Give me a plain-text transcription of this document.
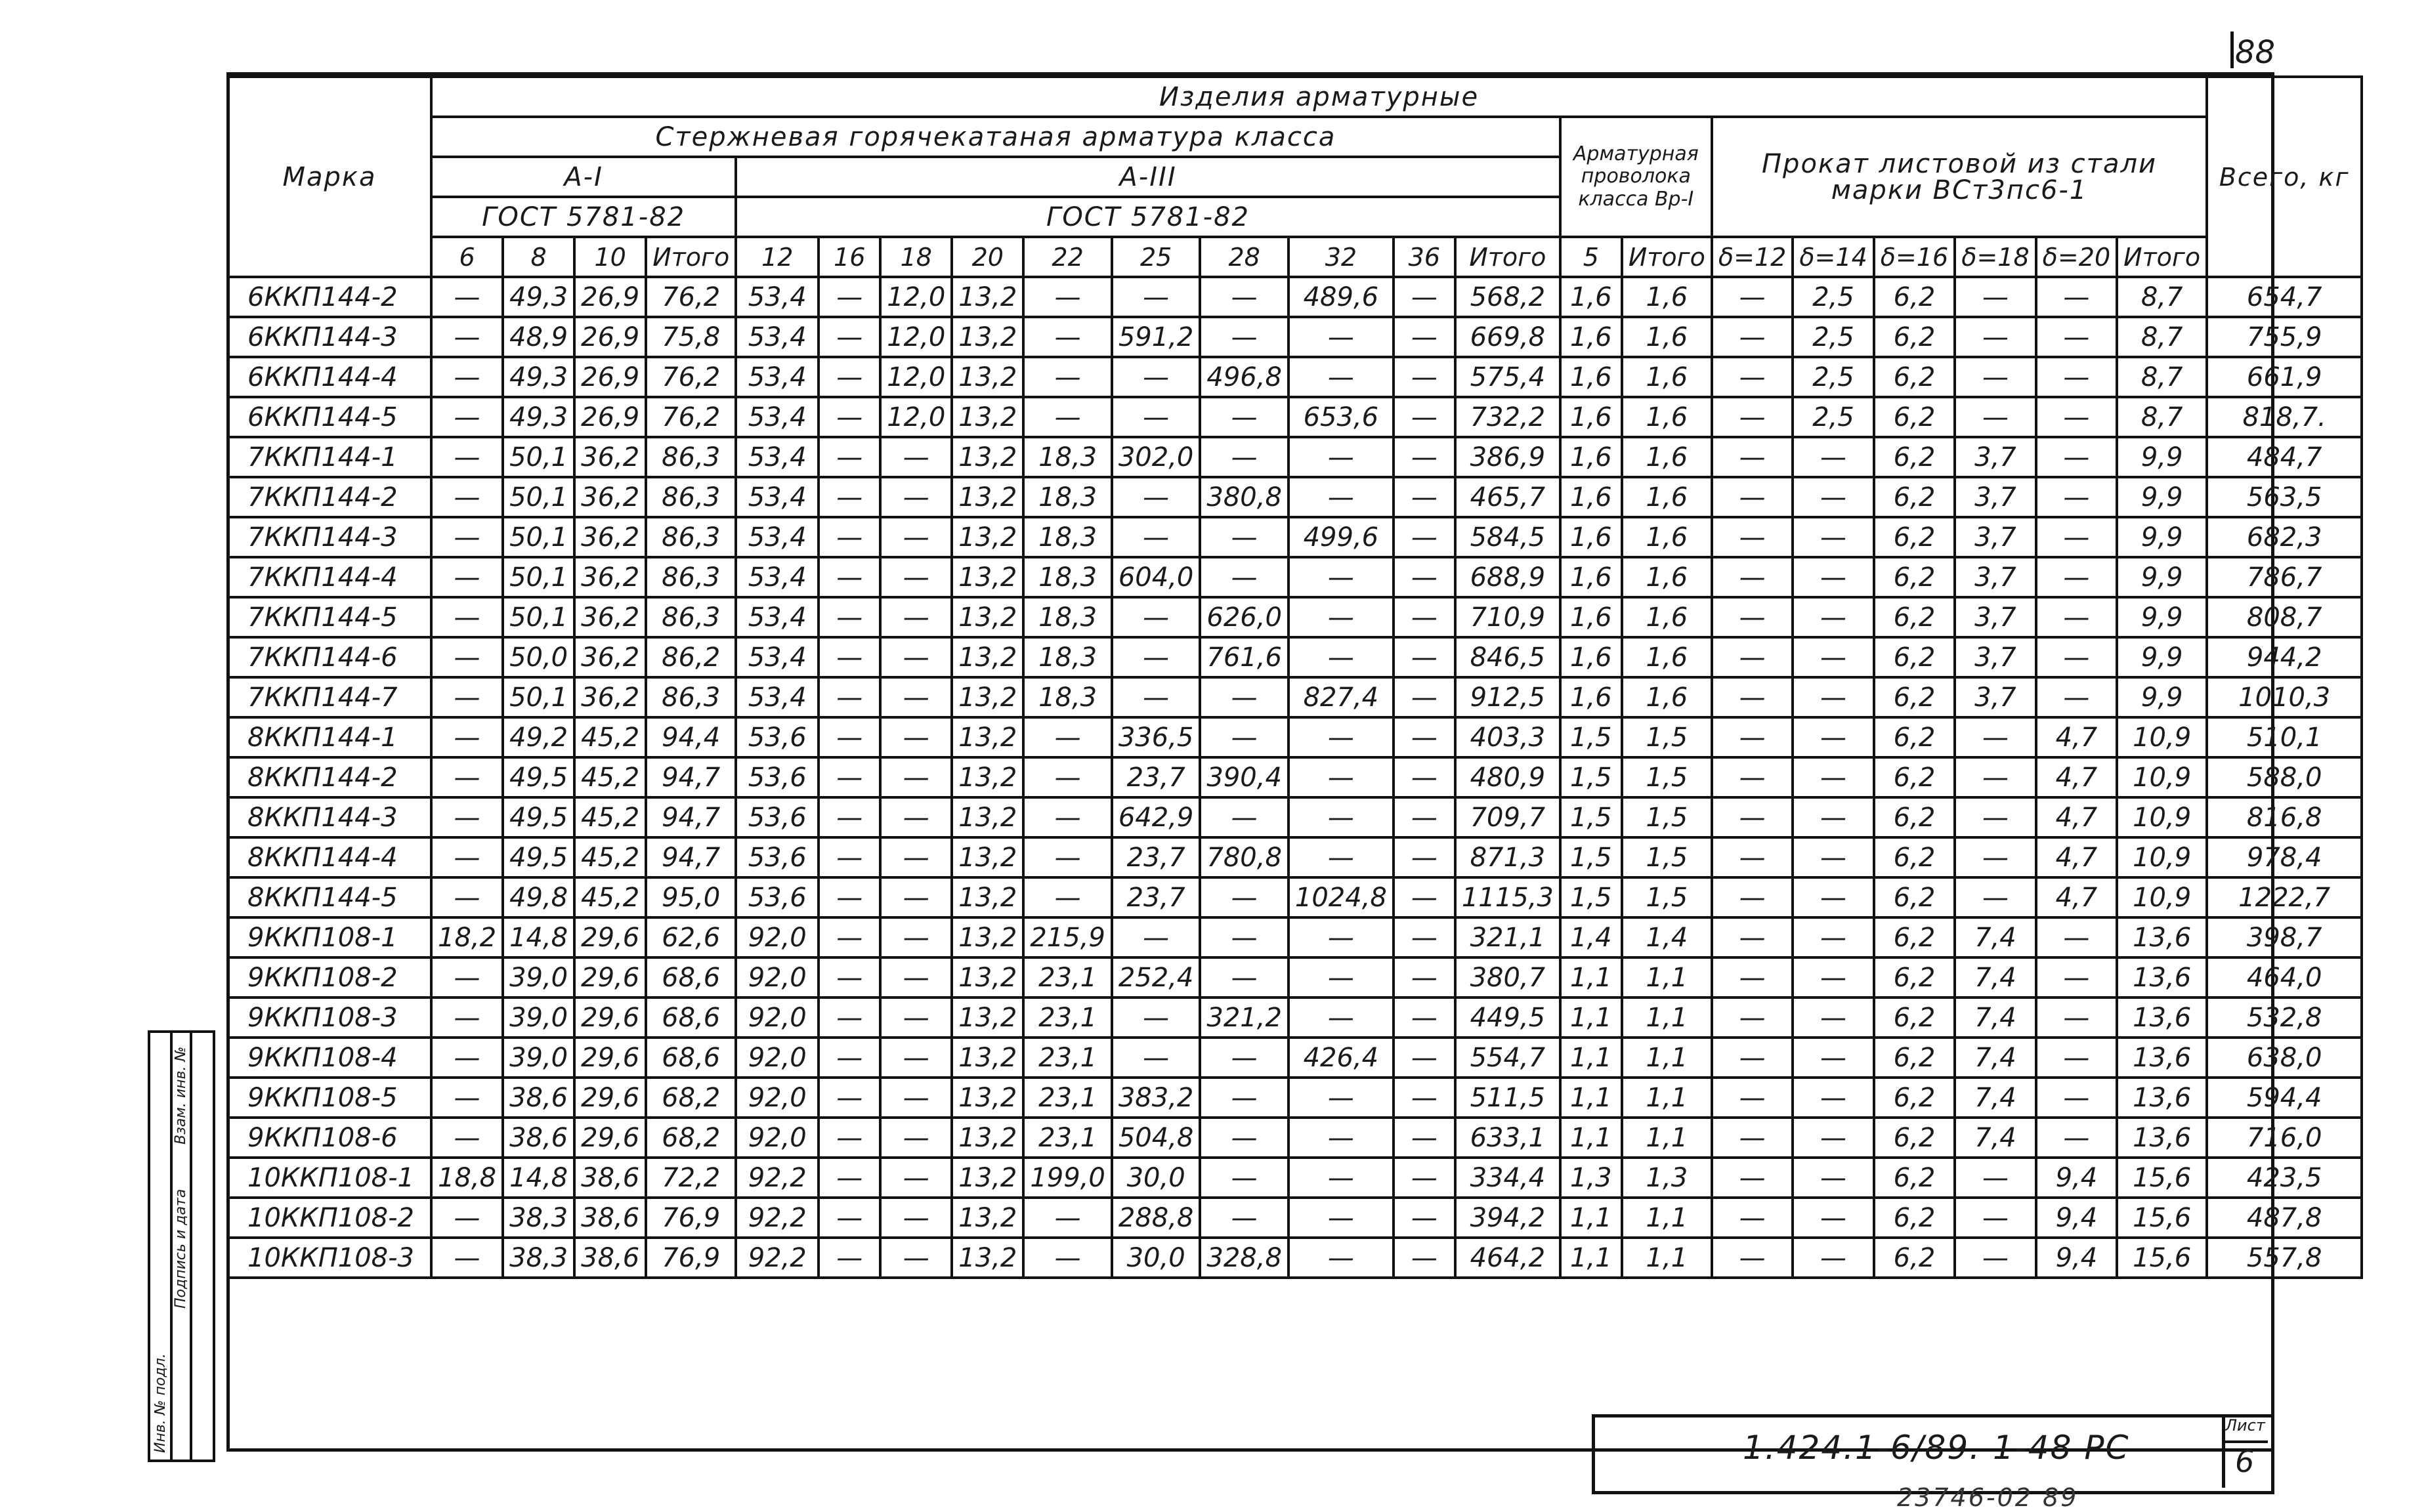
88
Марка	Изделия арматурные																						Всего, кг
	Стержневая горячекатаная арматура класса														Арматурная проволока класса Вр-I		Прокат листовой из стали марки ВСт3пс6-1						
	А-I				А-III																		
	ГОСТ 5781-82				ГОСТ 5781-82																		
	6	8	10	Итого	12	16	18	20	22	25	28	32	36	Итого	5	Итого	δ=12	δ=14	δ=16	δ=18	δ=20	Итого	
6ККП144-2	—	49,3	26,9	76,2	53,4	—	12,0	13,2	—	—	—	489,6	—	568,2	1,6	1,6	—	2,5	6,2	—	—	8,7	654,7
6ККП144-3	—	48,9	26,9	75,8	53,4	—	12,0	13,2	—	591,2	—	—	—	669,8	1,6	1,6	—	2,5	6,2	—	—	8,7	755,9
6ККП144-4	—	49,3	26,9	76,2	53,4	—	12,0	13,2	—	—	496,8	—	—	575,4	1,6	1,6	—	2,5	6,2	—	—	8,7	661,9
6ККП144-5	—	49,3	26,9	76,2	53,4	—	12,0	13,2	—	—	—	653,6	—	732,2	1,6	1,6	—	2,5	6,2	—	—	8,7	818,7.
7ККП144-1	—	50,1	36,2	86,3	53,4	—	—	13,2	18,3	302,0	—	—	—	386,9	1,6	1,6	—	—	6,2	3,7	—	9,9	484,7
7ККП144-2	—	50,1	36,2	86,3	53,4	—	—	13,2	18,3	—	380,8	—	—	465,7	1,6	1,6	—	—	6,2	3,7	—	9,9	563,5
7ККП144-3	—	50,1	36,2	86,3	53,4	—	—	13,2	18,3	—	—	499,6	—	584,5	1,6	1,6	—	—	6,2	3,7	—	9,9	682,3
7ККП144-4	—	50,1	36,2	86,3	53,4	—	—	13,2	18,3	604,0	—	—	—	688,9	1,6	1,6	—	—	6,2	3,7	—	9,9	786,7
7ККП144-5	—	50,1	36,2	86,3	53,4	—	—	13,2	18,3	—	626,0	—	—	710,9	1,6	1,6	—	—	6,2	3,7	—	9,9	808,7
7ККП144-6	—	50,0	36,2	86,2	53,4	—	—	13,2	18,3	—	761,6	—	—	846,5	1,6	1,6	—	—	6,2	3,7	—	9,9	944,2
7ККП144-7	—	50,1	36,2	86,3	53,4	—	—	13,2	18,3	—	—	827,4	—	912,5	1,6	1,6	—	—	6,2	3,7	—	9,9	1010,3
8ККП144-1	—	49,2	45,2	94,4	53,6	—	—	13,2	—	336,5	—	—	—	403,3	1,5	1,5	—	—	6,2	—	4,7	10,9	510,1
8ККП144-2	—	49,5	45,2	94,7	53,6	—	—	13,2	—	23,7	390,4	—	—	480,9	1,5	1,5	—	—	6,2	—	4,7	10,9	588,0
8ККП144-3	—	49,5	45,2	94,7	53,6	—	—	13,2	—	642,9	—	—	—	709,7	1,5	1,5	—	—	6,2	—	4,7	10,9	816,8
8ККП144-4	—	49,5	45,2	94,7	53,6	—	—	13,2	—	23,7	780,8	—	—	871,3	1,5	1,5	—	—	6,2	—	4,7	10,9	978,4
8ККП144-5	—	49,8	45,2	95,0	53,6	—	—	13,2	—	23,7	—	1024,8	—	1115,3	1,5	1,5	—	—	6,2	—	4,7	10,9	1222,7
9ККП108-1	18,2	14,8	29,6	62,6	92,0	—	—	13,2	215,9	—	—	—	—	321,1	1,4	1,4	—	—	6,2	7,4	—	13,6	398,7
9ККП108-2	—	39,0	29,6	68,6	92,0	—	—	13,2	23,1	252,4	—	—	—	380,7	1,1	1,1	—	—	6,2	7,4	—	13,6	464,0
9ККП108-3	—	39,0	29,6	68,6	92,0	—	—	13,2	23,1	—	321,2	—	—	449,5	1,1	1,1	—	—	6,2	7,4	—	13,6	532,8
9ККП108-4	—	39,0	29,6	68,6	92,0	—	—	13,2	23,1	—	—	426,4	—	554,7	1,1	1,1	—	—	6,2	7,4	—	13,6	638,0
9ККП108-5	—	38,6	29,6	68,2	92,0	—	—	13,2	23,1	383,2	—	—	—	511,5	1,1	1,1	—	—	6,2	7,4	—	13,6	594,4
9ККП108-6	—	38,6	29,6	68,2	92,0	—	—	13,2	23,1	504,8	—	—	—	633,1	1,1	1,1	—	—	6,2	7,4	—	13,6	716,0
10ККП108-1	18,8	14,8	38,6	72,2	92,2	—	—	13,2	199,0	30,0	—	—	—	334,4	1,3	1,3	—	—	6,2	—	9,4	15,6	423,5
10ККП108-2	—	38,3	38,6	76,9	92,2	—	—	13,2	—	288,8	—	—	—	394,2	1,1	1,1	—	—	6,2	—	9,4	15,6	487,8
10ККП108-3	—	38,3	38,6	76,9	92,2	—	—	13,2	—	30,0	328,8	—	—	464,2	1,1	1,1	—	—	6,2	—	9,4	15,6	557,8
Инв. № подл.
Подпись и дата
Взам. инв. №
1.424.1-6/89. 1-48 РС
Лист
6
23746-02 89
